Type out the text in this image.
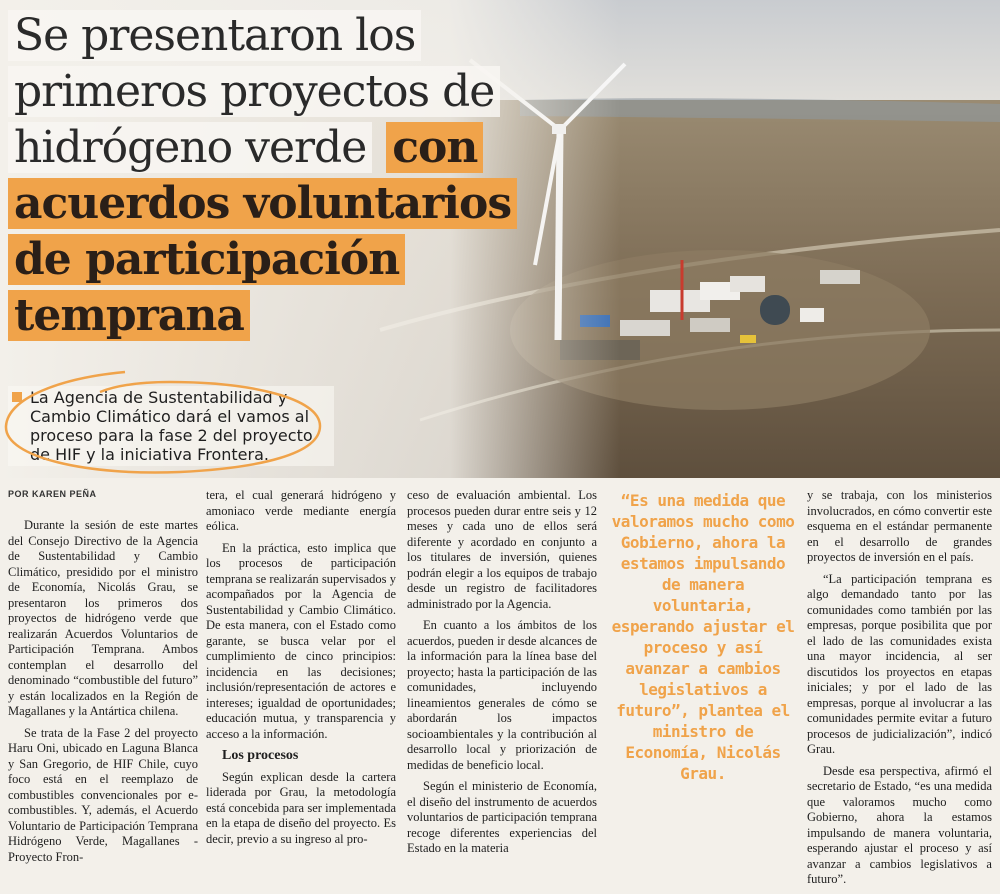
Se presentaron los
primeros proyectos de
hidrógeno verde con
acuerdos voluntarios
de participación
temprana
La Agencia de Sustentabilidad y Cambio Climático dará el vamos al proceso para la fase 2 del proyecto de HIF y la iniciativa Frontera.
POR KAREN PEÑA

Durante la sesión de este martes del Consejo Directivo de la Agencia de Sustentabilidad y Cambio Climático, presidido por el ministro de Economía, Nicolás Grau, se presentaron los primeros dos proyectos de hidrógeno verde que realizarán Acuerdos Voluntarios de Participación Temprana. Ambos contemplan el desarrollo del denominado “combustible del futuro” y están localizados en la Región de Magallanes y la Antártica chilena.

Se trata de la Fase 2 del proyecto Haru Oni, ubicado en Laguna Blanca y San Gregorio, de HIF Chile, cuyo foco está en el reemplazo de combustibles convencionales por e-combustibles. Y, además, el Acuerdo Voluntario de Participación Temprana Hidrógeno Verde, Magallanes - Proyecto Fron-

tera, el cual generará hidrógeno y amoniaco verde mediante energía eólica.

En la práctica, esto implica que los procesos de participación temprana se realizarán supervisados y acompañados por la Agencia de Sustentabilidad y Cambio Climático. De esta manera, con el Estado como garante, se busca velar por el cumplimiento de cinco principios: incidencia en las decisiones; inclusión/representación de actores e intereses; igualdad de oportunidades; educación mutua, y transparencia y acceso a la información.

Los procesos

Según explican desde la cartera liderada por Grau, la metodología está concebida para ser implementada en la etapa de diseño del proyecto. Es decir, previo a su ingreso al pro-

ceso de evaluación ambiental. Los procesos pueden durar entre seis y 12 meses y cada uno de ellos será diferente y acordado en conjunto a los titulares de inversión, quienes podrán elegir a los equipos de trabajo desde un registro de facilitadores administrado por la Agencia.

En cuanto a los ámbitos de los acuerdos, pueden ir desde alcances de la información para la línea base del proyecto; hasta la participación de las comunidades, incluyendo lineamientos generales de cómo se abordarán los impactos socioambientales y la contribución al desarrollo local y priorización de medidas de beneficio local.

Según el ministerio de Economía, el diseño del instrumento de acuerdos voluntarios de participación temprana recoge diferentes experiencias del Estado en la materia

“Es una medida que valoramos mucho como Gobierno, ahora la estamos impulsando de manera voluntaria, esperando ajustar el proceso y así avanzar a cambios legislativos a futuro”, plantea el ministro de Economía, Nicolás Grau.

y se trabaja, con los ministerios involucrados, en cómo convertir este esquema en el estándar permanente en el desarrollo de grandes proyectos de inversión en el país.

“La participación temprana es algo demandado tanto por las comunidades como también por las empresas, porque posibilita que por el lado de las comunidades exista una mayor incidencia, al ser discutidos los proyectos en etapas iniciales; y por el lado de las empresas, porque al involucrar a las comunidades permite evitar a futuro procesos de judicialización”, indicó Grau.

Desde esa perspectiva, afirmó el secretario de Estado, “es una medida que valoramos mucho como Gobierno, ahora la estamos impulsando de manera voluntaria, esperando ajustar el proceso y así avanzar a cambios legislativos a futuro”.
